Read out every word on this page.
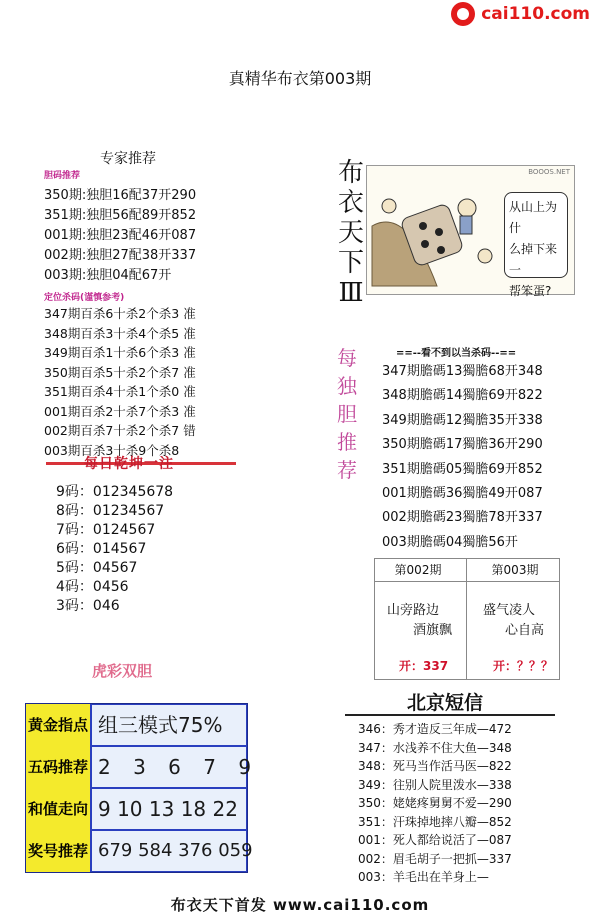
cai110.com
真精华布衣第003期
专家推荐
胆码推荐
350期:独胆16配37开290
351期:独胆56配89开852
001期:独胆23配46开087
002期:独胆27配38开337
003期:独胆04配67开
定位杀码(谨慎参考)
347期百杀6十杀2个杀3 准
348期百杀3十杀4个杀5 准
349期百杀1十杀6个杀3 准
350期百杀5十杀2个杀7 准
351期百杀4十杀1个杀0 准
001期百杀2十杀7个杀3 准
002期百杀7十杀2个杀7 错
003期百杀3十杀9个杀8
每日乾坤一注
9码：012345678
8码：01234567
7码：0124567
6码：014567
5码：04567
4码：0456
3码：046
虎彩双胆
黄金指点 组三模式75%
五码推荐 2 3 6 7 9
和值走向 9 10 13 18 22
奖号推荐 679 584 376 059
布
衣
天
下
Ⅲ
BOOOS.NET
从山上为什
么掉下来一
帮笨蛋?
每
独
胆
推
荐
==--看不到以当杀码--==
347期膽碼13獨膽68开348
348期膽碼14獨膽69开822
349期膽碼12獨膽35开338
350期膽碼17獨膽36开290
351期膽碼05獨膽69开852
001期膽碼36獨膽49开087
002期膽碼23獨膽78开337
003期膽碼04獨膽56开
第002期	第003期
山旁路边
酒旗飘
盛气凌人
心自高
开：337	开：？？？
北京短信
346：秀才造反三年成—472
347：水浅养不住大鱼—348
348：死马当作活马医—822
349：往别人院里泼水—338
350：姥姥疼舅舅不爱—290
351：汗珠掉地摔八瓣—852
001：死人都给说活了—087
002：眉毛胡子一把抓—337
003：羊毛出在羊身上—
布衣天下首发 www.cai110.com
